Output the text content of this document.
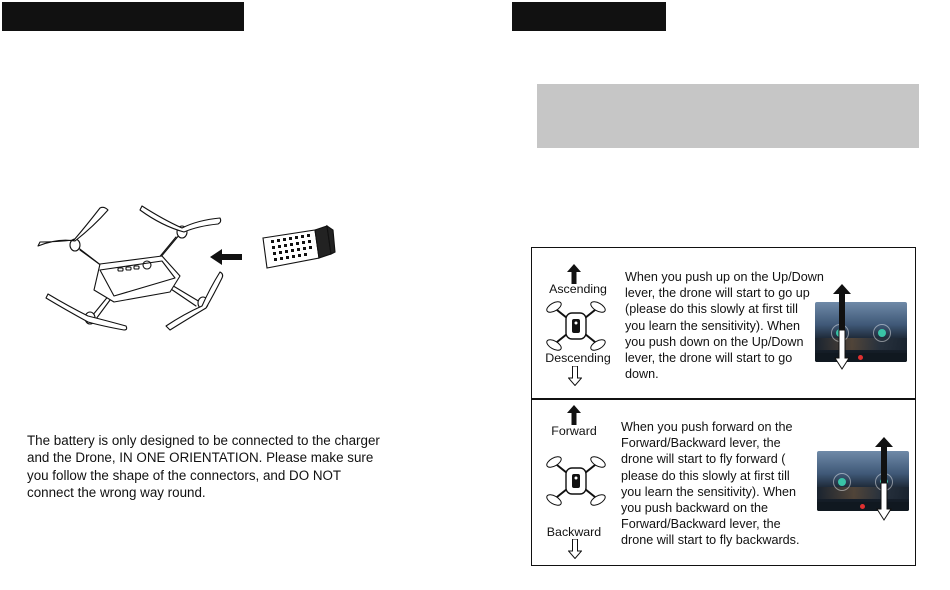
The battery is only designed to be connected to the charger
and the Drone, IN ONE ORIENTATION. Please make sure
you follow the shape of the connectors, and DO NOT
connect the wrong way round.
Ascending
Descending
When you push up on the Up/Down
lever, the drone will start to go up
(please do this slowly at first till
you learn the sensitivity). When
you push down on the Up/Down
lever, the drone will start to go
down.
Forward
Backward
When you push forward on the
Forward/Backward lever, the
drone will start to fly forward (
please do this slowly at first till
you learn the sensitivity). When
you push backward on the
Forward/Backward lever, the
drone will start to fly backwards.
